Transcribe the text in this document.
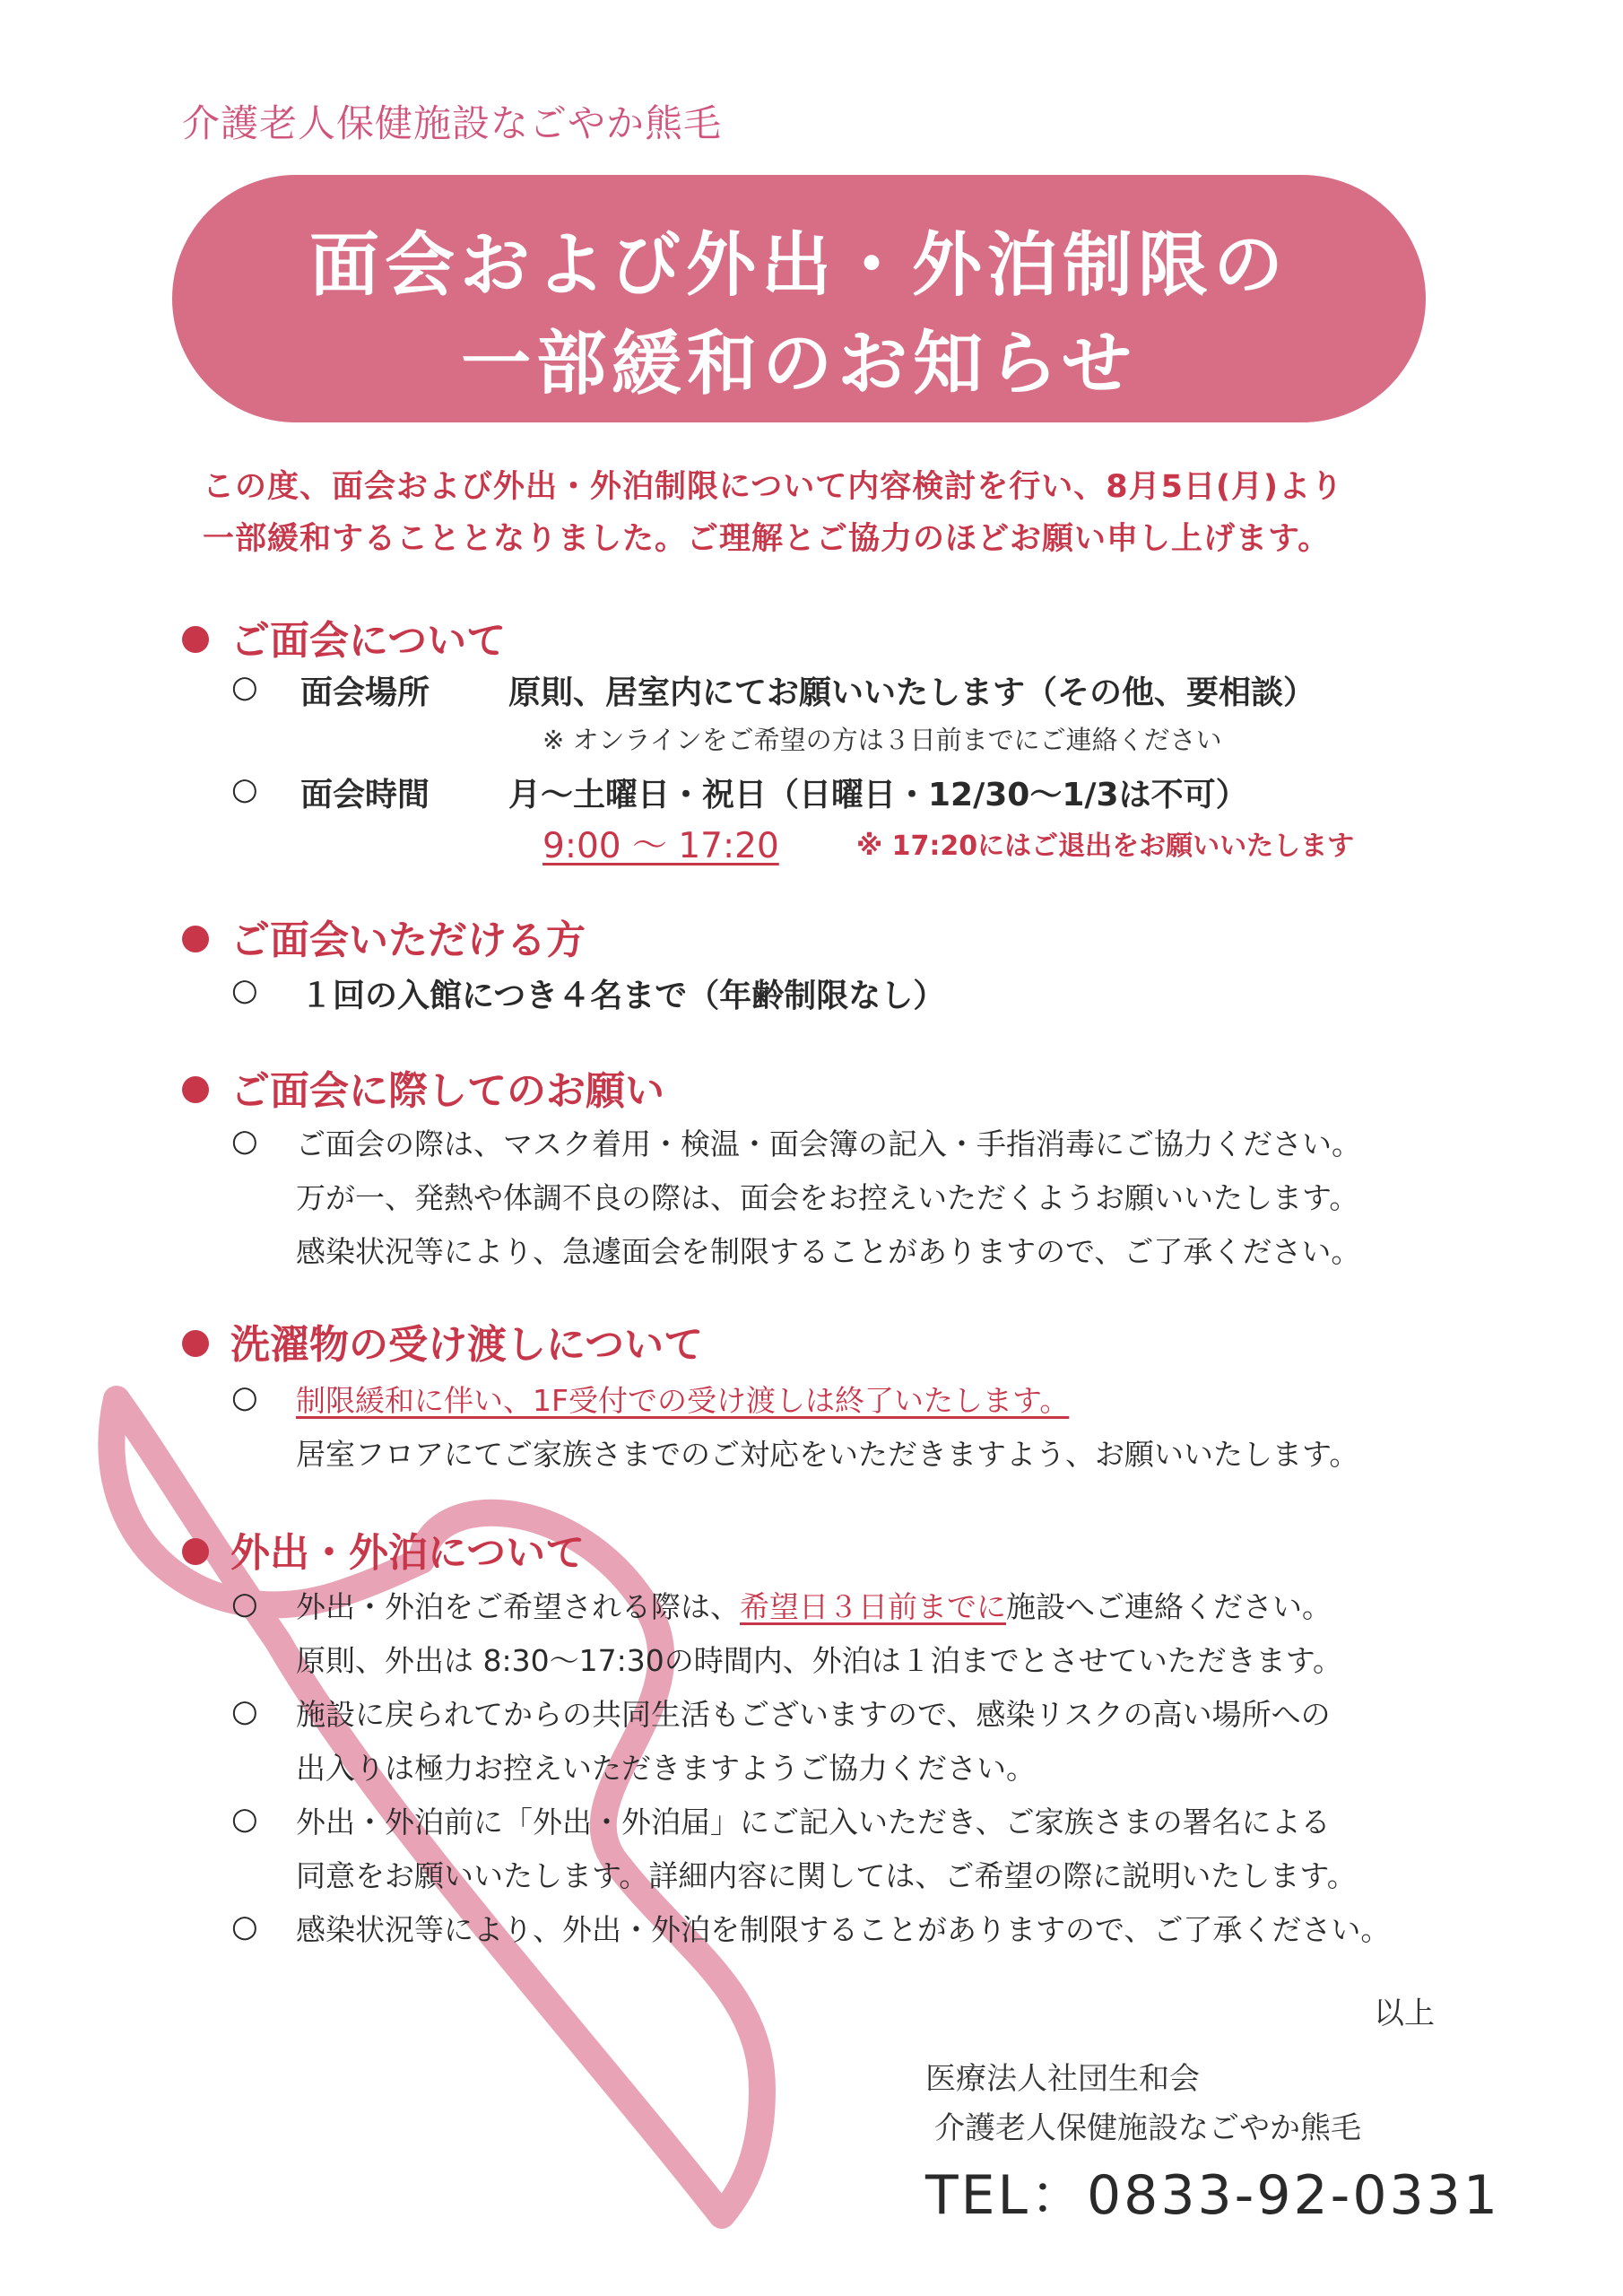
介護老人保健施設なごやか熊毛
面会および外出・外泊制限の
一部緩和のお知らせ
この度、面会および外出・外泊制限について内容検討を行い、8月5日(月)より
一部緩和することとなりました。ご理解とご協力のほどお願い申し上げます。
ご面会について
○ 面会場所 原則、居室内にてお願いいたします（その他、要相談）
※ オンラインをご希望の方は３日前までにご連絡ください
○ 面会時間 月～土曜日・祝日（日曜日・12/30～1/3は不可）
9:00 ～ 17:20	※ 17:20にはご退出をお願いいたします
ご面会いただける方
○ １回の入館につき４名まで（年齢制限なし）
ご面会に際してのお願い
○ ご面会の際は、マスク着用・検温・面会簿の記入・手指消毒にご協力ください。
万が一、発熱や体調不良の際は、面会をお控えいただくようお願いいたします。
感染状況等により、急遽面会を制限することがありますので、ご了承ください。
洗濯物の受け渡しについて
○ 制限緩和に伴い、1F受付での受け渡しは終了いたします。
居室フロアにてご家族さまでのご対応をいただきますよう、お願いいたします。
外出・外泊について
○ 外出・外泊をご希望される際は、希望日３日前までに施設へご連絡ください。
原則、外出は 8:30～17:30の時間内、外泊は１泊までとさせていただきます。
○ 施設に戻られてからの共同生活もございますので、感染リスクの高い場所への
出入りは極力お控えいただきますようご協力ください。
○ 外出・外泊前に「外出・外泊届」にご記入いただき、ご家族さまの署名による
同意をお願いいたします。詳細内容に関しては、ご希望の際に説明いたします。
○ 感染状況等により、外出・外泊を制限することがありますので、ご了承ください。
以上
医療法人社団生和会
介護老人保健施設なごやか熊毛
TEL：0833-92-0331
